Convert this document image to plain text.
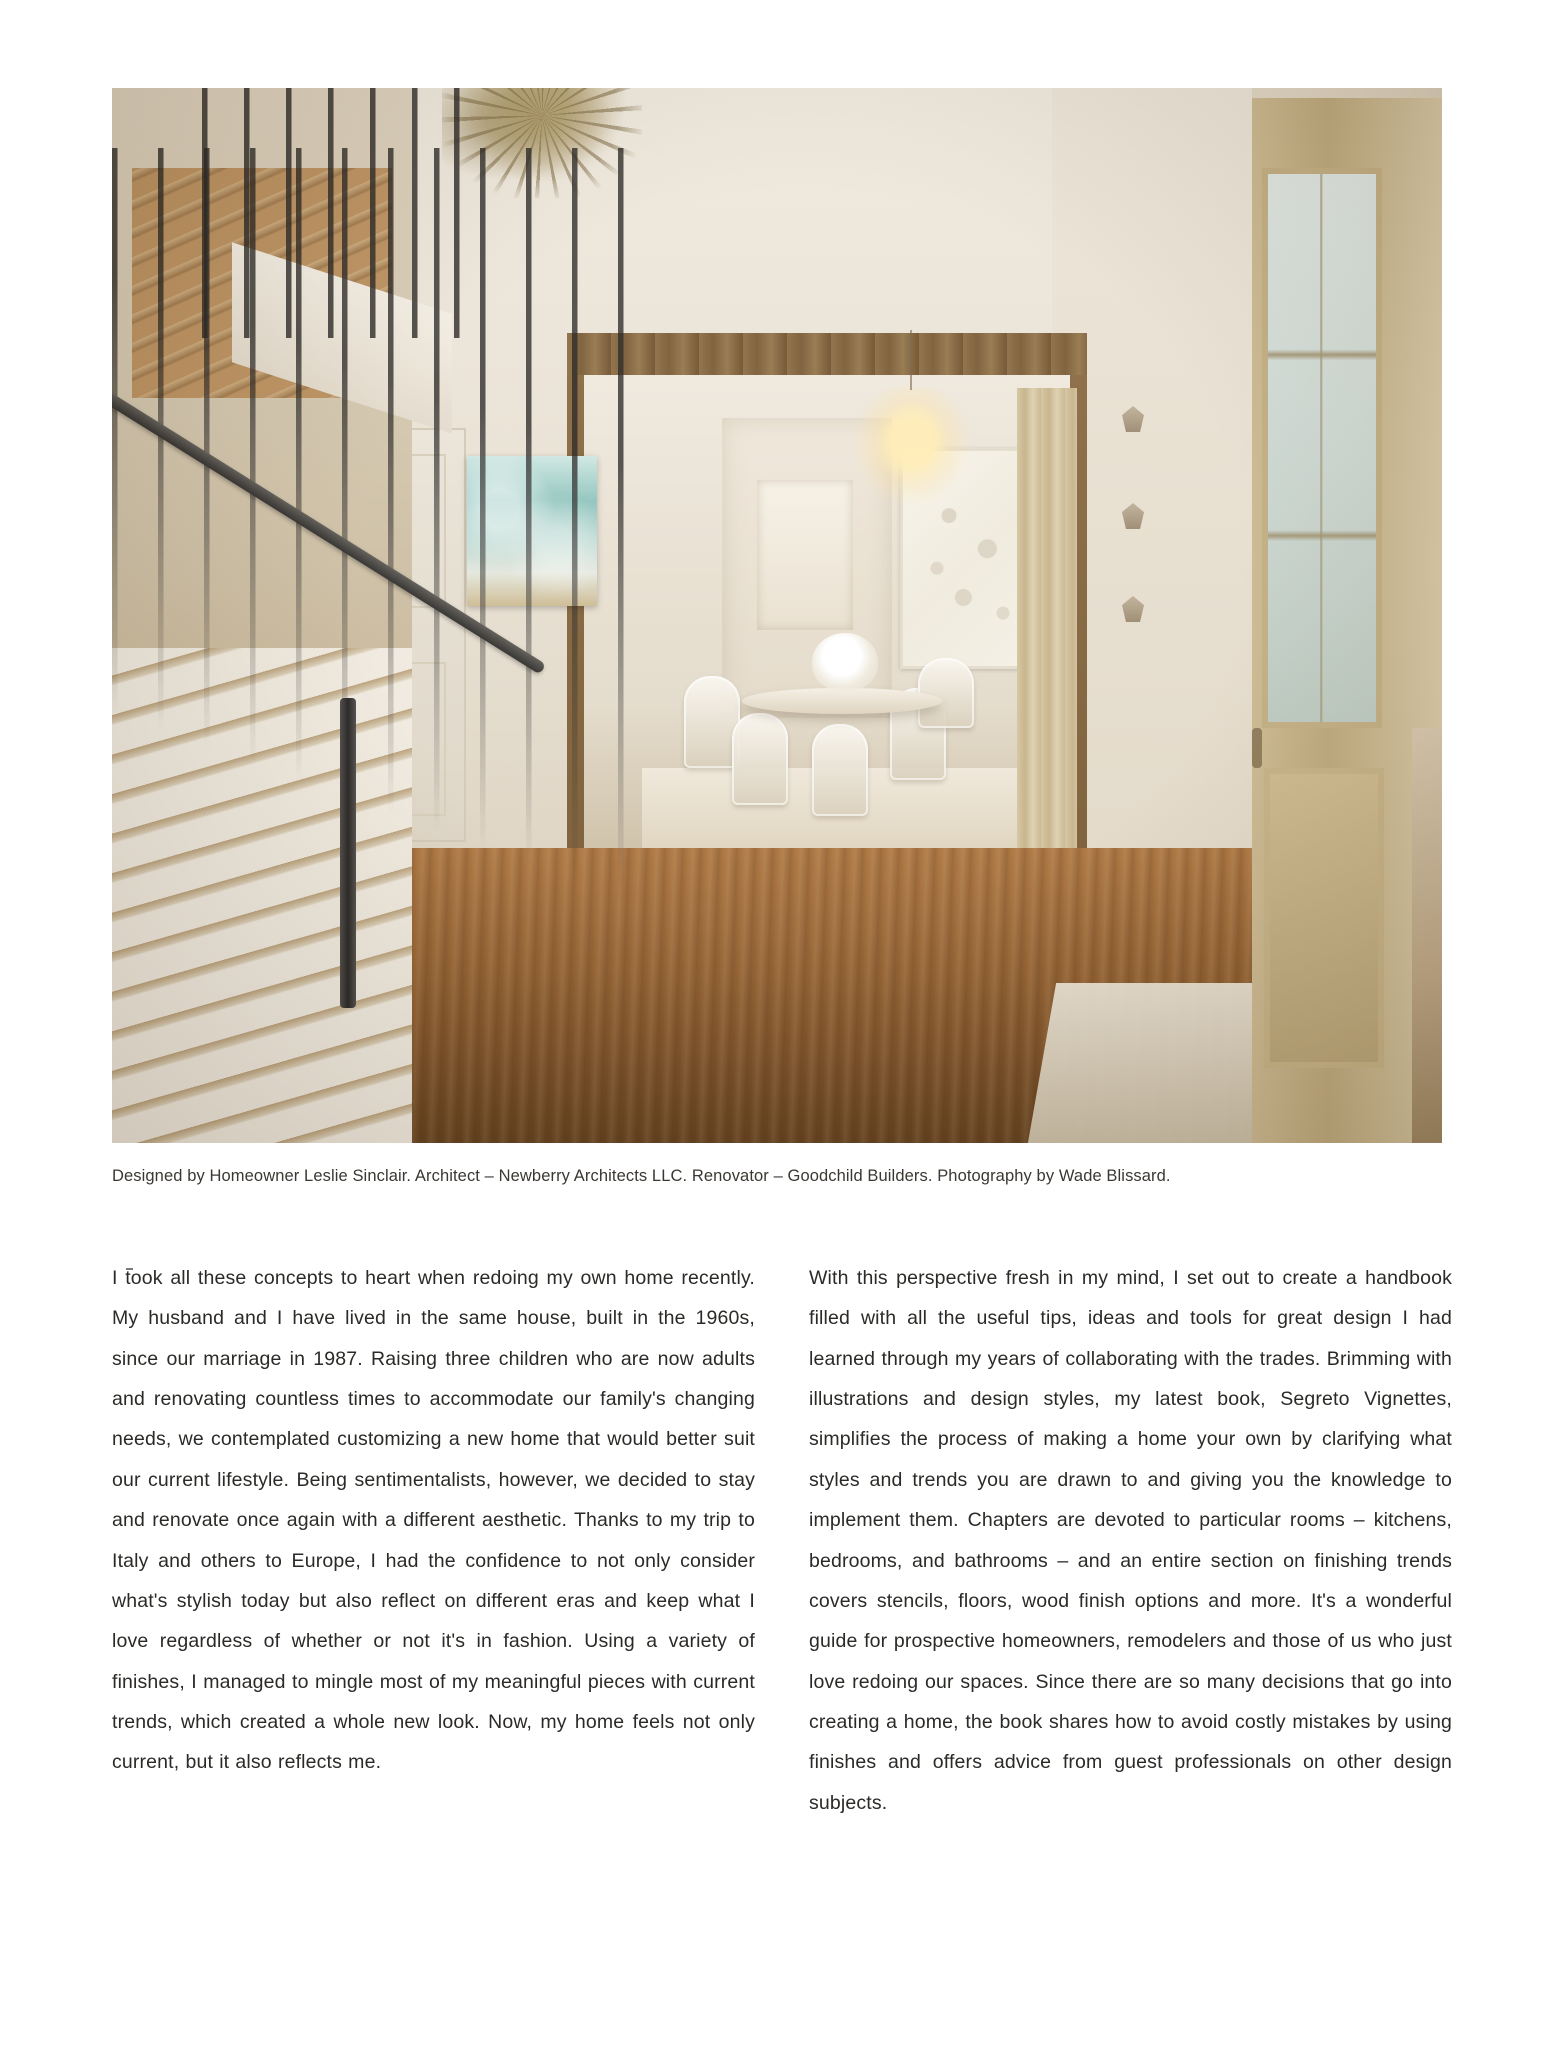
Designed by Homeowner Leslie Sinclair. Architect – Newberry Architects LLC. Renovator – Goodchild Builders. Photography by Wade Blissard.

I took all these concepts to heart when redoing my own home recently. My husband and I have lived in the same house, built in the 1960s, since our marriage in 1987. Raising three children who are now adults and renovating countless times to accommodate our family's changing needs, we contemplated customizing a new home that would better suit our current lifestyle. Being sentimentalists, however, we decided to stay and renovate once again with a different aesthetic. Thanks to my trip to Italy and others to Europe, I had the confidence to not only consider what's stylish today but also reflect on different eras and keep what I love regardless of whether or not it's in fashion. Using a variety of finishes, I managed to mingle most of my meaningful pieces with current trends, which created a whole new look. Now, my home feels not only current, but it also reflects me.

With this perspective fresh in my mind, I set out to create a handbook filled with all the useful tips, ideas and tools for great design I had learned through my years of collaborating with the trades. Brimming with illustrations and design styles, my latest book, Segreto Vignettes, simplifies the process of making a home your own by clarifying what styles and trends you are drawn to and giving you the knowledge to implement them. Chapters are devoted to particular rooms – kitchens, bedrooms, and bathrooms – and an entire section on finishing trends covers stencils, floors, wood finish options and more. It's a wonderful guide for prospective homeowners, remodelers and those of us who just love redoing our spaces. Since there are so many decisions that go into creating a home, the book shares how to avoid costly mistakes by using finishes and offers advice from guest professionals on other design subjects.
